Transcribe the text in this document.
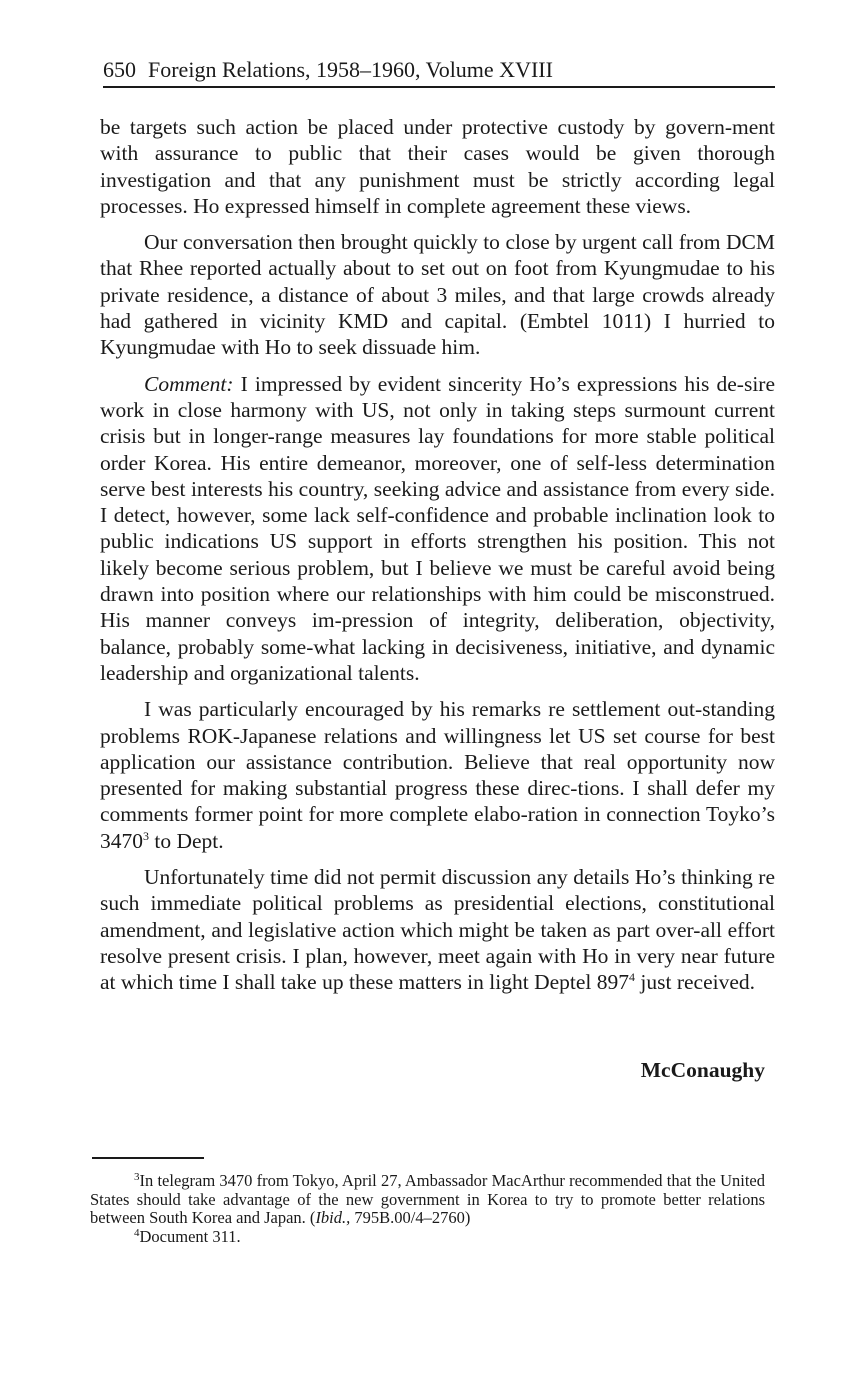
650 Foreign Relations, 1958–1960, Volume XVIII

be targets such action be placed under protective custody by govern-ment with assurance to public that their cases would be given thorough investigation and that any punishment must be strictly according legal processes. Ho expressed himself in complete agreement these views.

Our conversation then brought quickly to close by urgent call from DCM that Rhee reported actually about to set out on foot from Kyungmudae to his private residence, a distance of about 3 miles, and that large crowds already had gathered in vicinity KMD and capital. (Embtel 1011) I hurried to Kyungmudae with Ho to seek dissuade him.

Comment: I impressed by evident sincerity Ho’s expressions his de-sire work in close harmony with US, not only in taking steps surmount current crisis but in longer-range measures lay foundations for more stable political order Korea. His entire demeanor, moreover, one of self-less determination serve best interests his country, seeking advice and assistance from every side. I detect, however, some lack self-confidence and probable inclination look to public indications US support in efforts strengthen his position. This not likely become serious problem, but I believe we must be careful avoid being drawn into position where our relationships with him could be misconstrued. His manner conveys im-pression of integrity, deliberation, objectivity, balance, probably some-what lacking in decisiveness, initiative, and dynamic leadership and organizational talents.

I was particularly encouraged by his remarks re settlement out-standing problems ROK-Japanese relations and willingness let US set course for best application our assistance contribution. Believe that real opportunity now presented for making substantial progress these direc-tions. I shall defer my comments former point for more complete elabo-ration in connection Toyko’s 3470$^3$ to Dept.

Unfortunately time did not permit discussion any details Ho’s thinking re such immediate political problems as presidential elections, constitutional amendment, and legislative action which might be taken as part over-all effort resolve present crisis. I plan, however, meet again with Ho in very near future at which time I shall take up these matters in light Deptel $897^4$ just received.

McConaughy

$^3$In telegram 3470 from Tokyo, April 27, Ambassador MacArthur recommended that the United States should take advantage of the new government in Korea to try to promote better relations between South Korea and Japan. (Ibid., 795B.00/4–2760)

$^4$Document 311.
